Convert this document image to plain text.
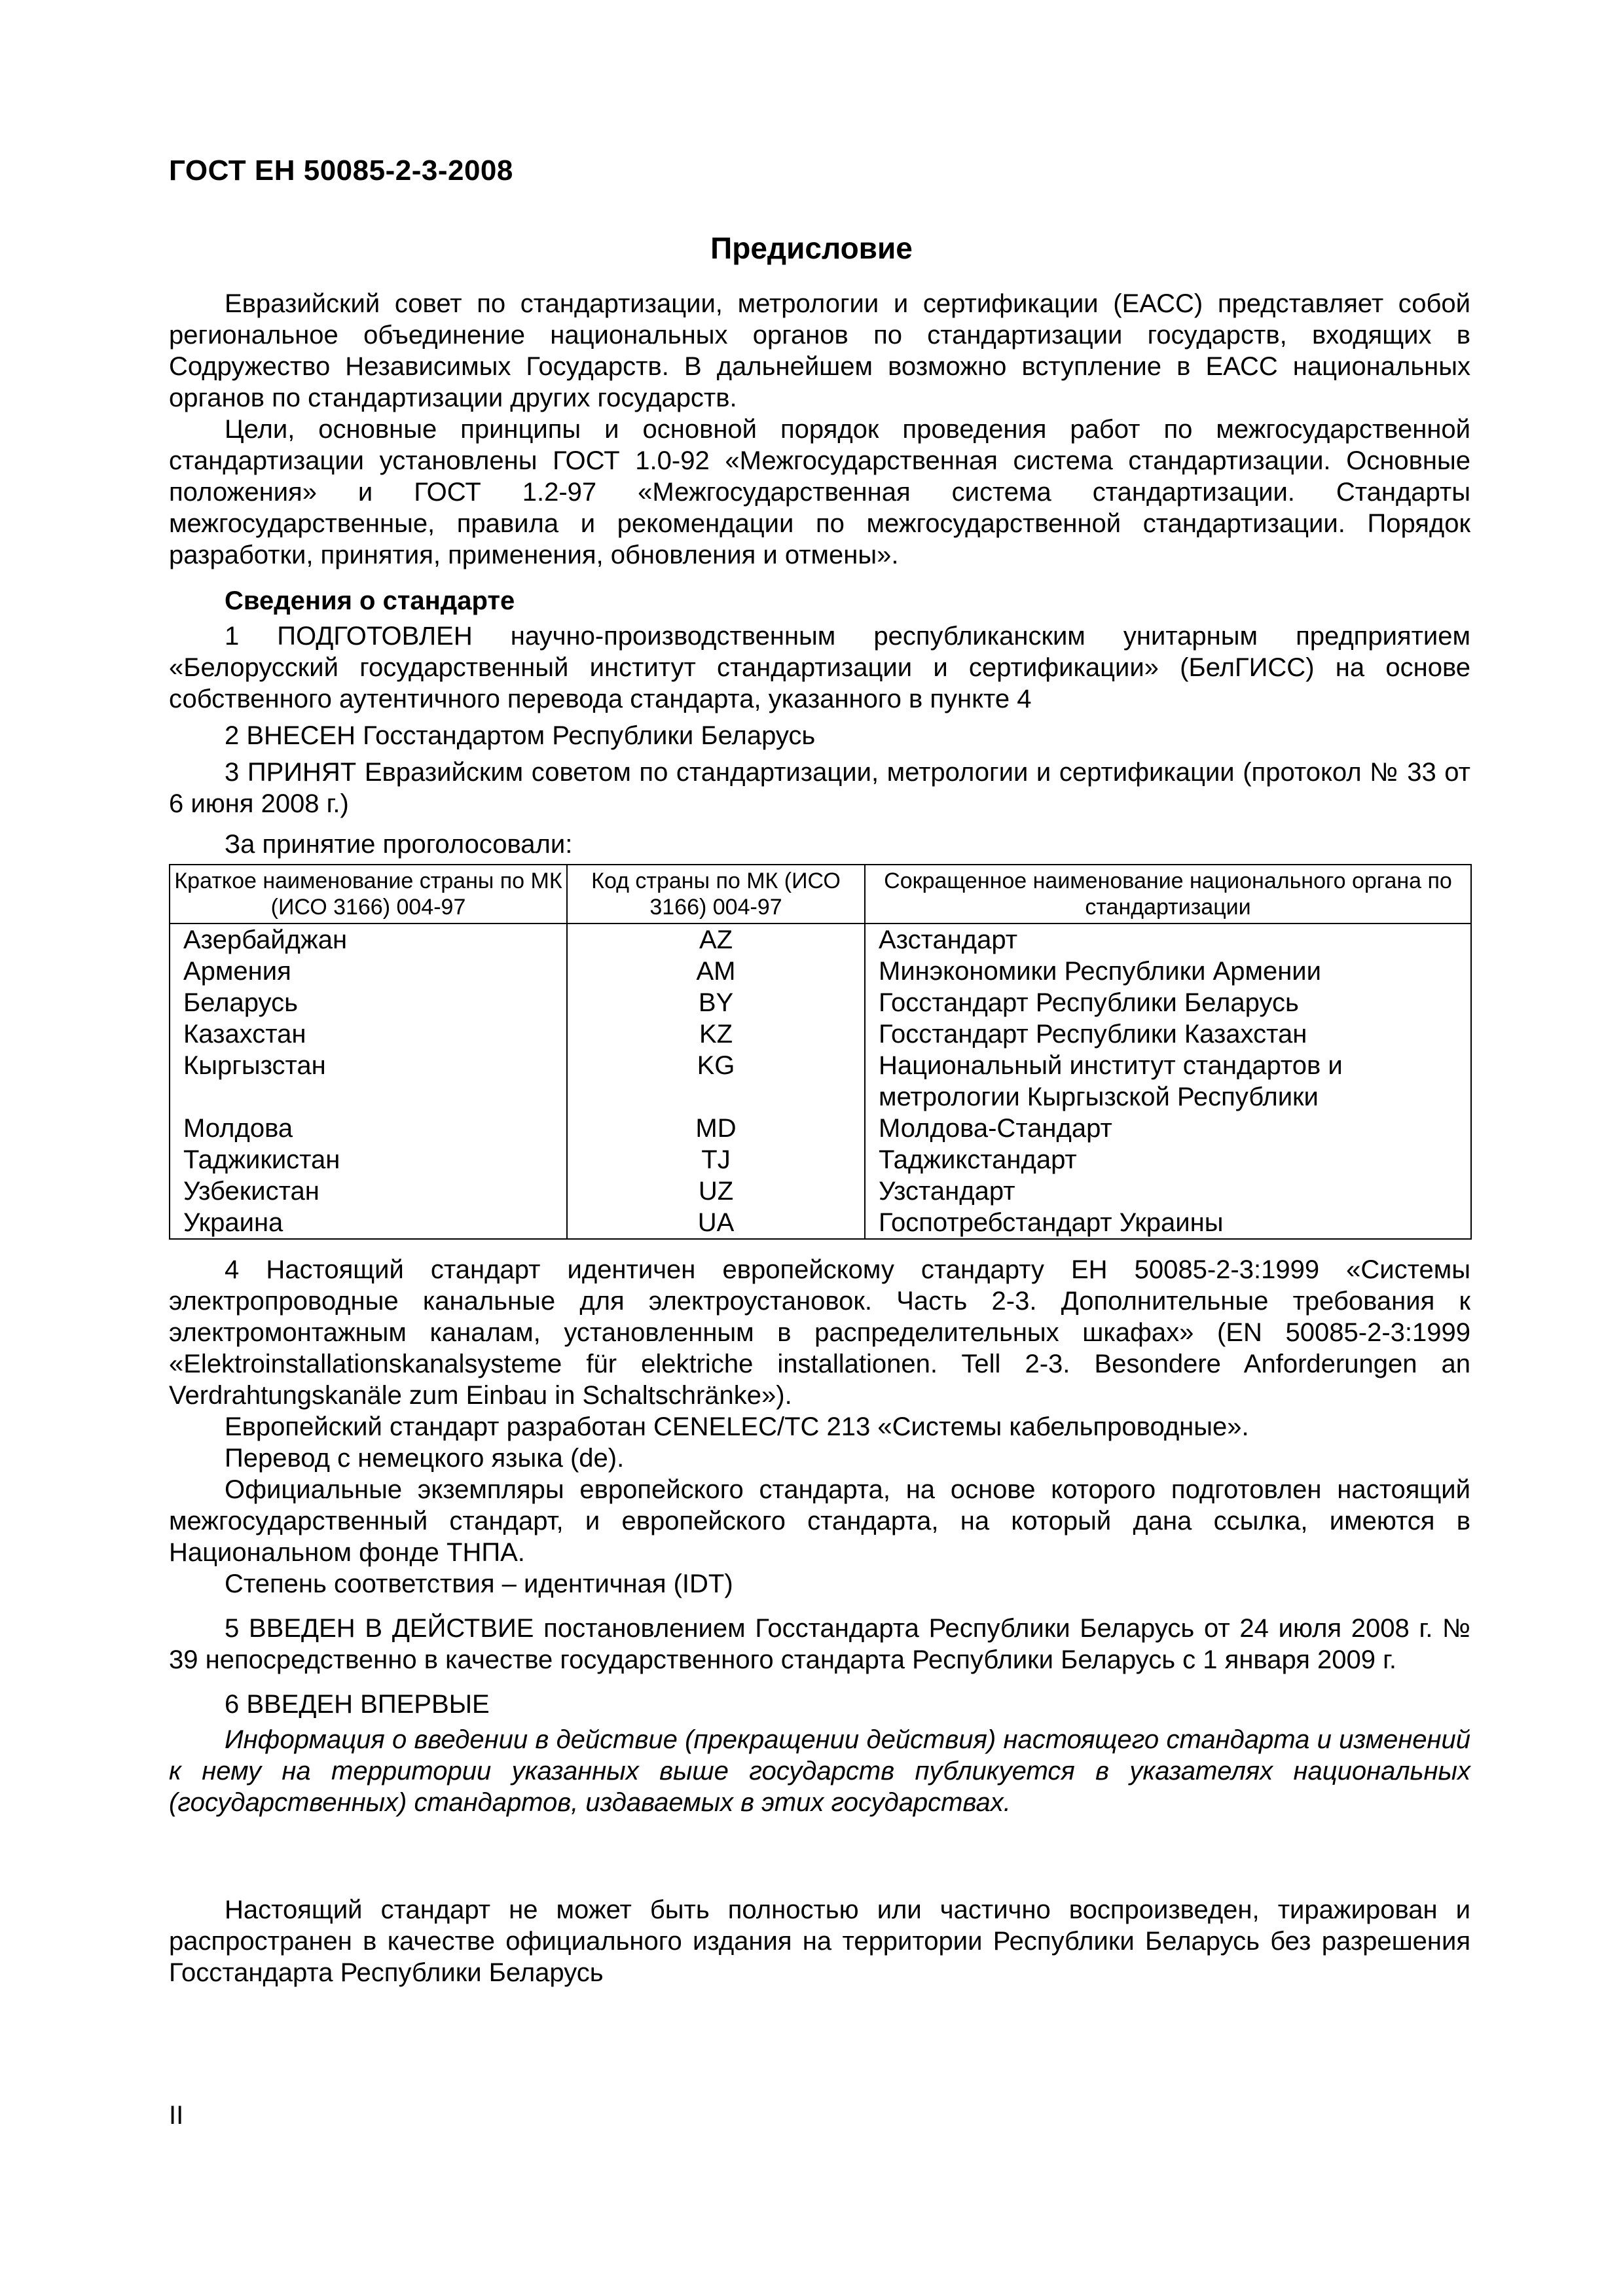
ГОСТ ЕН 50085-2-3-2008
Предисловие

Евразийский совет по стандартизации, метрологии и сертификации (ЕАСС) представляет собой региональное объединение национальных органов по стандартизации государств, входящих в Содружество Независимых Государств. В дальнейшем возможно вступление в ЕАСС национальных органов по стандартизации других государств.

Цели, основные принципы и основной порядок проведения работ по межгосударственной стандартизации установлены ГОСТ 1.0-92 «Межгосударственная система стандартизации. Основные положения» и ГОСТ 1.2-97 «Межгосударственная система стандартизации. Стандарты межгосударственные, правила и рекомендации по межгосударственной стандартизации. Порядок разработки, принятия, применения, обновления и отмены».

Сведения о стандарте

1 ПОДГОТОВЛЕН научно-производственным республиканским унитарным предприятием «Белорусский государственный институт стандартизации и сертификации» (БелГИСС) на основе собственного аутентичного перевода стандарта, указанного в пункте 4

2 ВНЕСЕН Госстандартом Республики Беларусь

3 ПРИНЯТ Евразийским советом по стандартизации, метрологии и сертификации (протокол № 33 от 6 июня 2008 г.)

За принятие проголосовали:

Краткое наименование страны по МК (ИСО 3166) 004-97	Код страны по МК (ИСО 3166) 004-97	Сокращенное наименование национального органа по стандартизации
Азербайджан	AZ	Азстандарт
Армения	AM	Минэкономики Республики Армении
Беларусь	BY	Госстандарт Республики Беларусь
Казахстан	KZ	Госстандарт Республики Казахстан
Кыргызстан	KG	Национальный институт стандартов и метрологии Кыргызской Республики
Молдова	MD	Молдова-Стандарт
Таджикистан	TJ	Таджикстандарт
Узбекистан	UZ	Узстандарт
Украина	UA	Госпотребстандарт Украины

4 Настоящий стандарт идентичен европейскому стандарту ЕН 50085-2-3:1999 «Системы электропроводные канальные для электроустановок. Часть 2-3. Дополнительные требования к электромонтажным каналам, установленным в распределительных шкафах» (EN 50085-2-3:1999 «Elektroinstallationskanalsysteme für elektriche installationen. Tell 2-3. Besondere Anforderungen an Verdrahtungskanäle zum Einbau in Schaltschränke»).

Европейский стандарт разработан CENELEC/TC 213 «Системы кабельпроводные».

Перевод с немецкого языка (de).

Официальные экземпляры европейского стандарта, на основе которого подготовлен настоящий межгосударственный стандарт, и европейского стандарта, на который дана ссылка, имеются в Национальном фонде ТНПА.

Степень соответствия – идентичная (IDT)

5 ВВЕДЕН В ДЕЙСТВИЕ постановлением Госстандарта Республики Беларусь от 24 июля 2008 г. № 39 непосредственно в качестве государственного стандарта Республики Беларусь с 1 января 2009 г.

6 ВВЕДЕН ВПЕРВЫЕ

Информация о введении в действие (прекращении действия) настоящего стандарта и изменений к нему на территории указанных выше государств публикуется в указателях национальных (государственных) стандартов, издаваемых в этих государствах.

Настоящий стандарт не может быть полностью или частично воспроизведен, тиражирован и распространен в качестве официального издания на территории Республики Беларусь без разрешения Госстандарта Республики Беларусь

II
